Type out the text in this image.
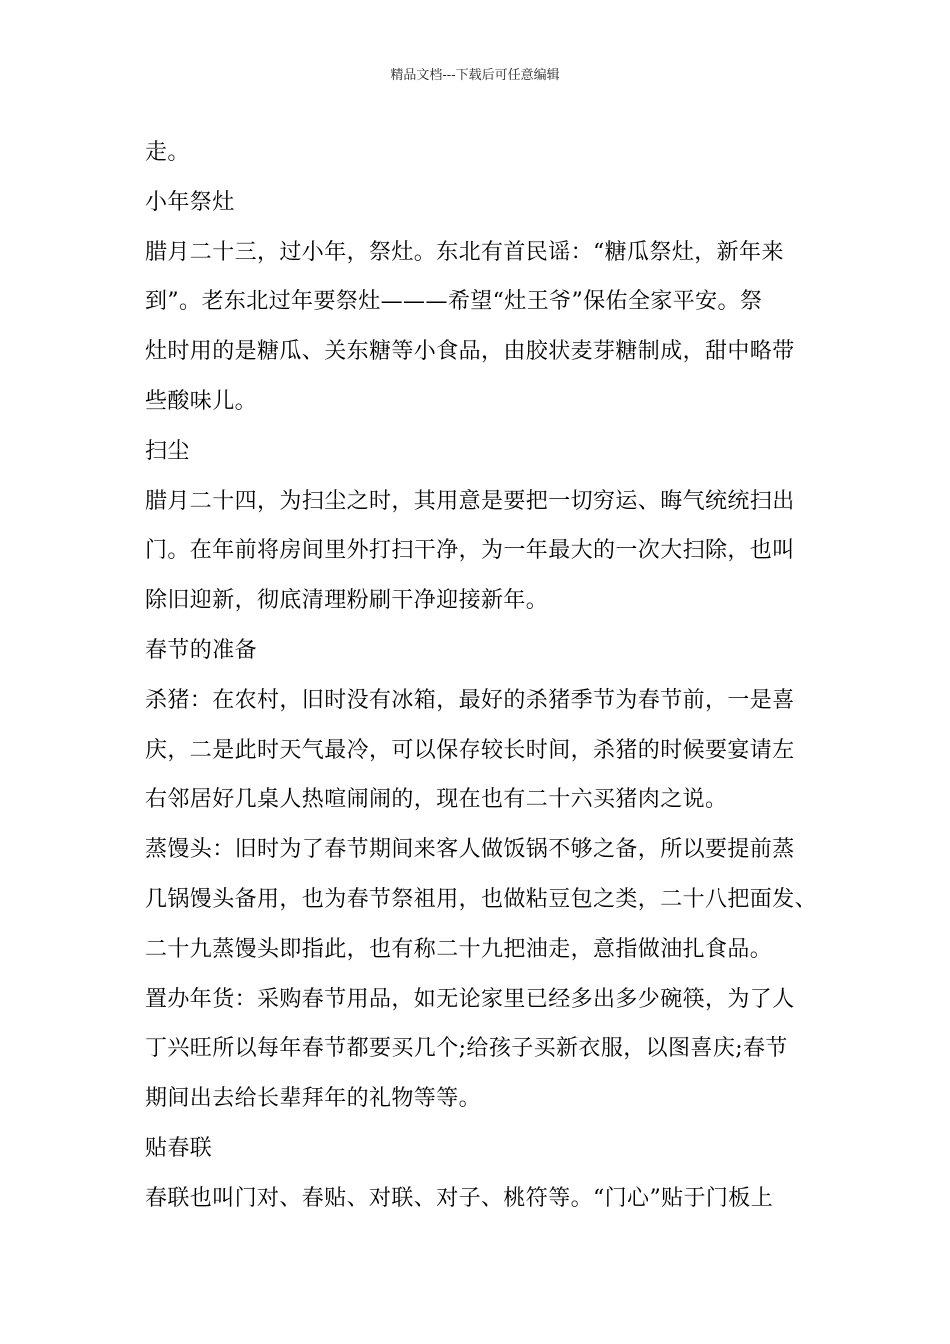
精品文档---下载后可任意编辑
走。
小年祭灶
腊月二十三，过小年，祭灶。东北有首民谣：“糖瓜祭灶，新年来
到”。老东北过年要祭灶———希望“灶王爷”保佑全家平安。祭
灶时用的是糖瓜、关东糖等小食品，由胶状麦芽糖制成，甜中略带
些酸味儿。
扫尘
腊月二十四，为扫尘之时，其用意是要把一切穷运、晦气统统扫出
门。在年前将房间里外打扫干净，为一年最大的一次大扫除，也叫
除旧迎新，彻底清理粉刷干净迎接新年。
春节的准备
杀猪：在农村，旧时没有冰箱，最好的杀猪季节为春节前，一是喜
庆，二是此时天气最冷，可以保存较长时间，杀猪的时候要宴请左
右邻居好几桌人热喧闹闹的，现在也有二十六买猪肉之说。
蒸馒头：旧时为了春节期间来客人做饭锅不够之备，所以要提前蒸
几锅馒头备用，也为春节祭祖用，也做粘豆包之类，二十八把面发、
二十九蒸馒头即指此，也有称二十九把油走，意指做油扎食品。
置办年货：采购春节用品，如无论家里已经多出多少碗筷，为了人
丁兴旺所以每年春节都要买几个;给孩子买新衣服，以图喜庆;春节
期间出去给长辈拜年的礼物等等。
贴春联
春联也叫门对、春贴、对联、对子、桃符等。“门心”贴于门板上
